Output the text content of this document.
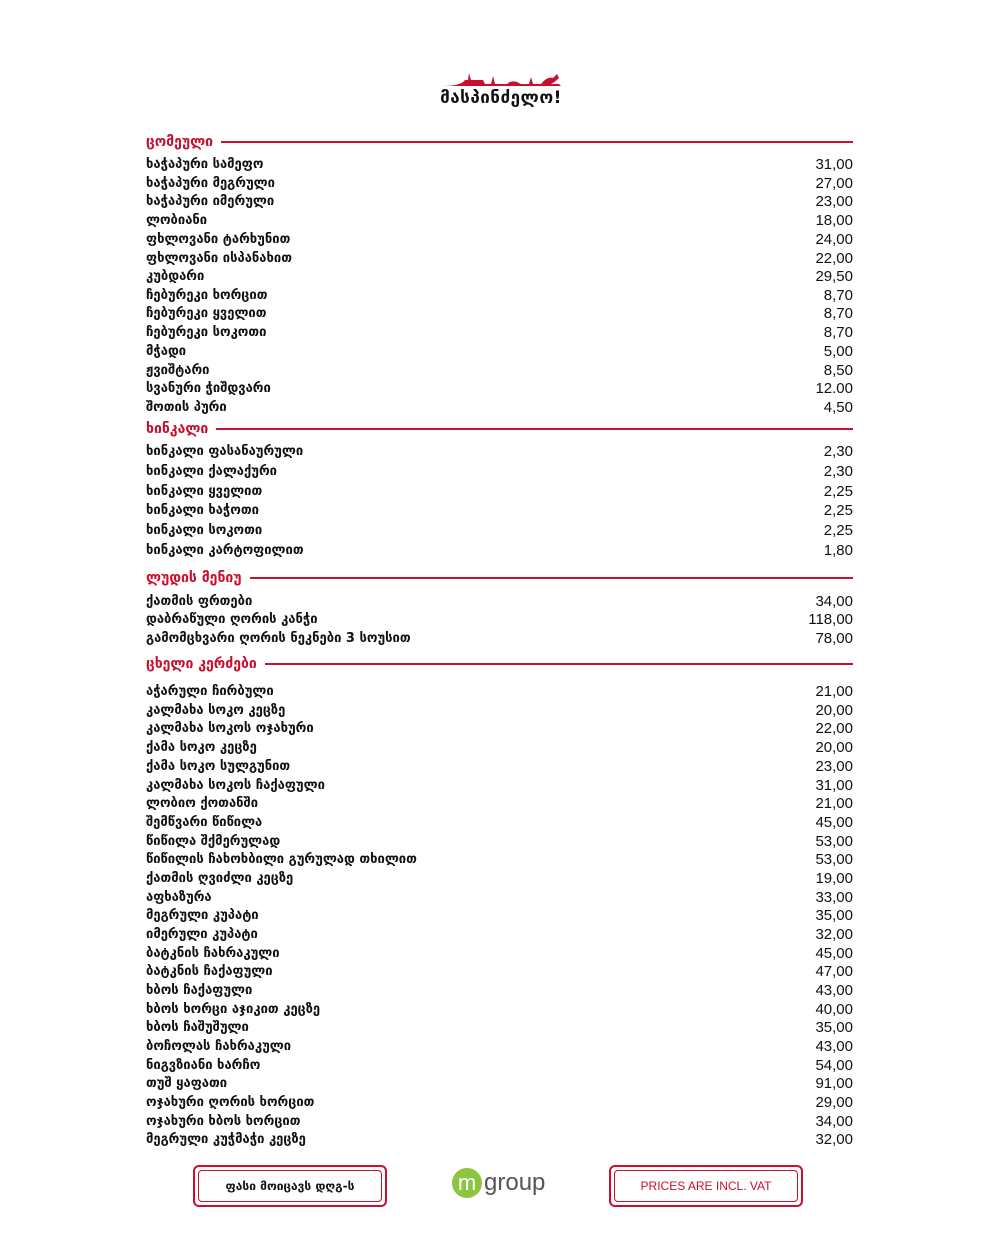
მასპინძელო!
ცომეული
ხაჭაპური სამეფო	31,00
ხაჭაპური მეგრული	27,00
ხაჭაპური იმერული	23,00
ლობიანი	18,00
ფხლოვანი ტარხუნით	24,00
ფხლოვანი ისპანახით	22,00
კუბდარი	29,50
ჩებურეკი ხორცით	8,70
ჩებურეკი ყველით	8,70
ჩებურეკი სოკოთი	8,70
მჭადი	5,00
ჟვიშტარი	8,50
სვანური ჭიშდვარი	12.00
შოთის პური	4,50
ხინკალი
ხინკალი ფასანაურული	2,30
ხინკალი ქალაქური	2,30
ხინკალი ყველით	2,25
ხინკალი ხაჭოთი	2,25
ხინკალი სოკოთი	2,25
ხინკალი კარტოფილით	1,80
ლუდის მენიუ
ქათმის ფრთები	34,00
დაბრაწული ღორის კანჭი	118,00
გამომცხვარი ღორის ნეკნები 3 სოუსით	78,00
ცხელი კერძები
აჭარული ჩირბული	21,00
კალმახა სოკო კეცზე	20,00
კალმახა სოკოს ოჯახური	22,00
ქამა სოკო კეცზე	20,00
ქამა სოკო სულგუნით	23,00
კალმახა სოკოს ჩაქაფული	31,00
ლობიო ქოთანში	21,00
შემწვარი წიწილა	45,00
წიწილა შქმერულად	53,00
წიწილის ჩახოხბილი გურულად თხილით	53,00
ქათმის ღვიძლი კეცზე	19,00
აფხაზურა	33,00
მეგრული კუპატი	35,00
იმერული კუპატი	32,00
ბატკნის ჩახრაკული	45,00
ბატკნის ჩაქაფული	47,00
ხბოს ჩაქაფული	43,00
ხბოს ხორცი აჯიკით კეცზე	40,00
ხბოს ჩაშუშული	35,00
ბოჩოლას ჩახრაკული	43,00
ნიგვზიანი ხარჩო	54,00
თუშ ყაფათი	91,00
ოჯახური ღორის ხორცით	29,00
ოჯახური ხბოს ხორცით	34,00
მეგრული კუჭმაჭი კეცზე	32,00
ფასი მოიცავს დღგ-ს	m group	PRICES ARE INCL. VAT
